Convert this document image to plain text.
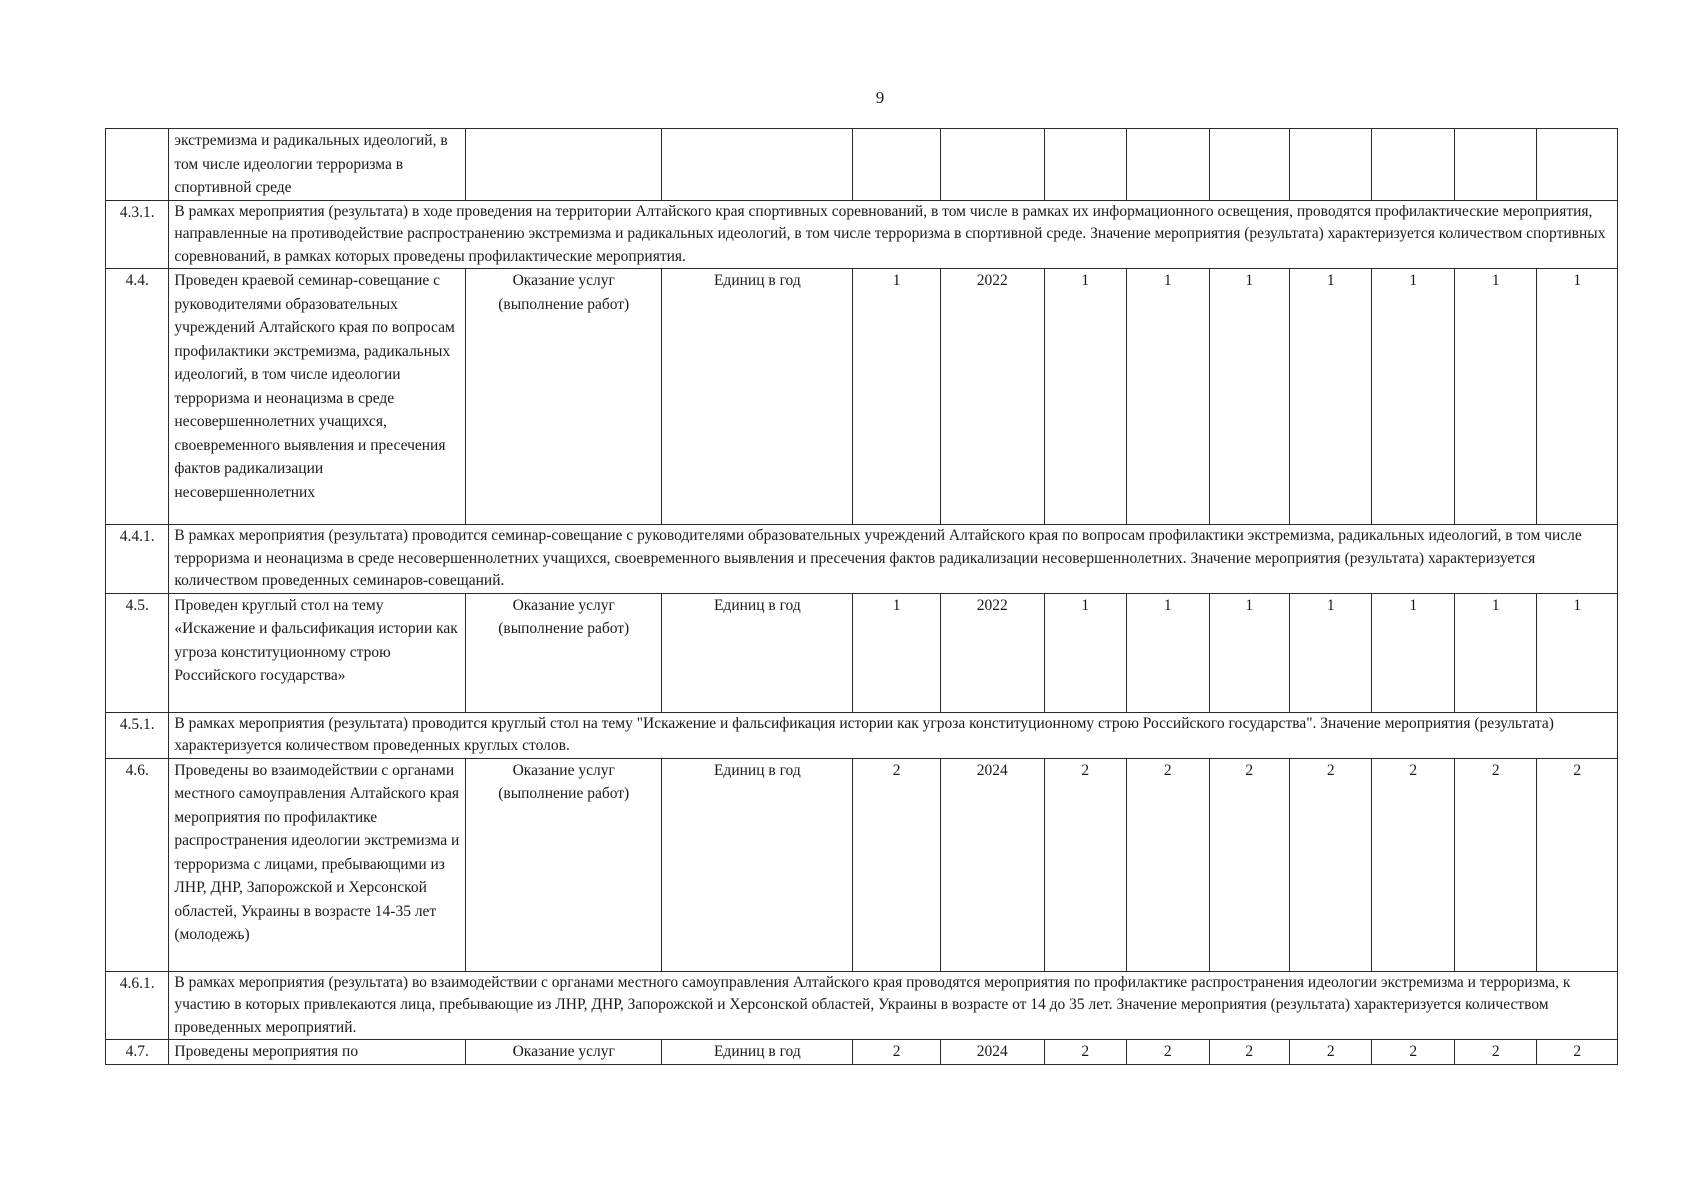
9
	экстремизма и радикальных идеологий, в том числе идеологии терроризма в спортивной среде											
4.3.1.	В рамках мероприятия (результата) в ходе проведения на территории Алтайского края спортивных соревнований, в том числе в рамках их информационного освещения, проводятся профилактические мероприятия, направленные на противодействие распространению экстремизма и радикальных идеологий, в том числе терроризма в спортивной среде. Значение мероприятия (результата) характеризуется количеством спортивных соревнований, в рамках которых проведены профилактические мероприятия.											
4.4.	Проведен краевой семинар-совещание с руководителями образовательных учреждений Алтайского края по вопросам профилактики экстремизма, радикальных идеологий, в том числе идеологии терроризма и неонацизма в среде несовершеннолетних учащихся, своевременного выявления и пресечения фактов радикализации несовершеннолетних	Оказание услуг (выполнение работ)	Единиц в год	1	2022	1	1	1	1	1	1	1
4.4.1.	В рамках мероприятия (результата) проводится семинар-совещание с руководителями образовательных учреждений Алтайского края по вопросам профилактики экстремизма, радикальных идеологий, в том числе терроризма и неонацизма в среде несовершеннолетних учащихся, своевременного выявления и пресечения фактов радикализации несовершеннолетних. Значение мероприятия (результата) характеризуется количеством проведенных семинаров-совещаний.											
4.5.	Проведен круглый стол на тему «Искажение и фальсификация истории как угроза конституционному строю Российского государства»	Оказание услуг (выполнение работ)	Единиц в год	1	2022	1	1	1	1	1	1	1
4.5.1.	В рамках мероприятия (результата) проводится круглый стол на тему "Искажение и фальсификация истории как угроза конституционному строю Российского государства". Значение мероприятия (результата) характеризуется количеством проведенных круглых столов.											
4.6.	Проведены во взаимодействии с органами местного самоуправления Алтайского края мероприятия по профилактике распространения идеологии экстремизма и терроризма с лицами, пребывающими из ЛНР, ДНР, Запорожской и Херсонской областей, Украины в возрасте 14-35 лет (молодежь)	Оказание услуг (выполнение работ)	Единиц в год	2	2024	2	2	2	2	2	2	2
4.6.1.	В рамках мероприятия (результата) во взаимодействии с органами местного самоуправления Алтайского края проводятся мероприятия по профилактике распространения идеологии экстремизма и терроризма, к участию в которых привлекаются лица, пребывающие из ЛНР, ДНР, Запорожской и Херсонской областей, Украины в возрасте от 14 до 35 лет. Значение мероприятия (результата) характеризуется количеством проведенных мероприятий.											
4.7.	Проведены мероприятия по	Оказание услуг	Единиц в год	2	2024	2	2	2	2	2	2	2
